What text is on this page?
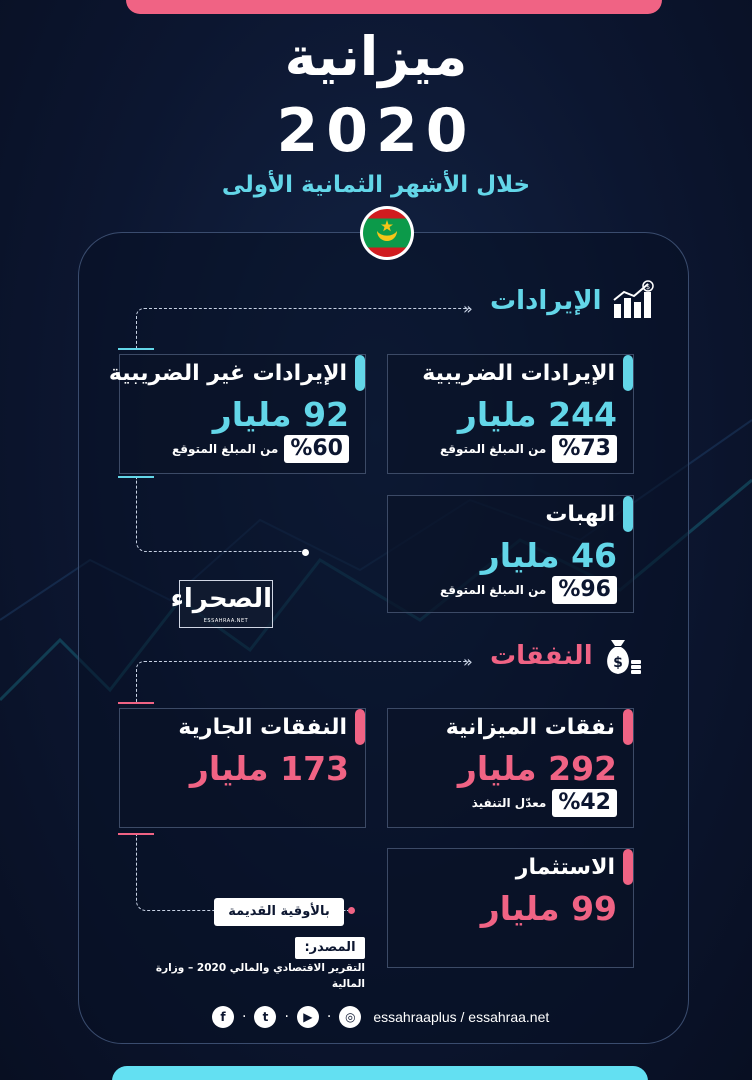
ميزانية
2020
خلال الأشهر الثمانية الأولى
الإيرادات	$
»
الإيرادات الضريبية
244 مليار
من المبلغ المتوقع %73
الإيرادات غير الضريبية
92 مليار
من المبلغ المتوقع %60
الهبات
46 مليار
من المبلغ المتوقع %96
الصحراء
ESSAHRAA.NET
النفقات $
»
نفقات الميزانية
292 مليار
معدّل التنفيذ %42
النفقات الجارية
173 مليار
الاستثمار
99 مليار
بالأوقية القديمة
المصدر:
التقرير الاقتصادي والمالي 2020 – وزارة المالية
f	·	t	·	▶	·	◎	essahraaplus / essahraa.net
